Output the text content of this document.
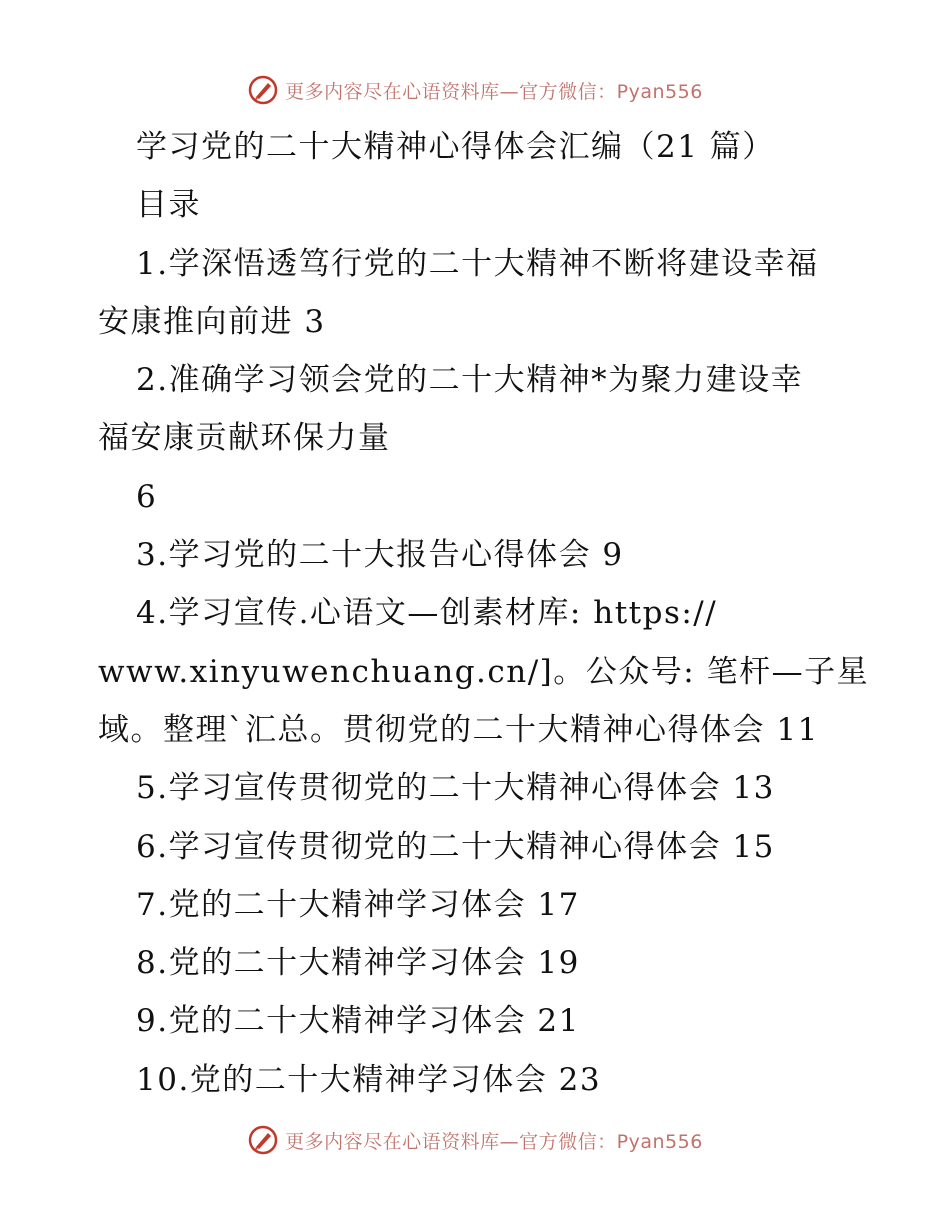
更多内容尽在心语资料库—官方微信：Pyan556
学习党的二十大精神心得体会汇编（21 篇）
目录
1.学深悟透笃行党的二十大精神不断将建设幸福
安康推向前进 3
2.准确学习领会党的二十大精神*为聚力建设幸
福安康贡献环保力量
6
3.学习党的二十大报告心得体会 9
4.学习宣传.心语文—创素材库: https://
www.xinyuwenchuang.cn/]。公众号: 笔杆—子星
域。整理`汇总。贯彻党的二十大精神心得体会 11
5.学习宣传贯彻党的二十大精神心得体会 13
6.学习宣传贯彻党的二十大精神心得体会 15
7.党的二十大精神学习体会 17
8.党的二十大精神学习体会 19
9.党的二十大精神学习体会 21
10.党的二十大精神学习体会 23
更多内容尽在心语资料库—官方微信：Pyan556
